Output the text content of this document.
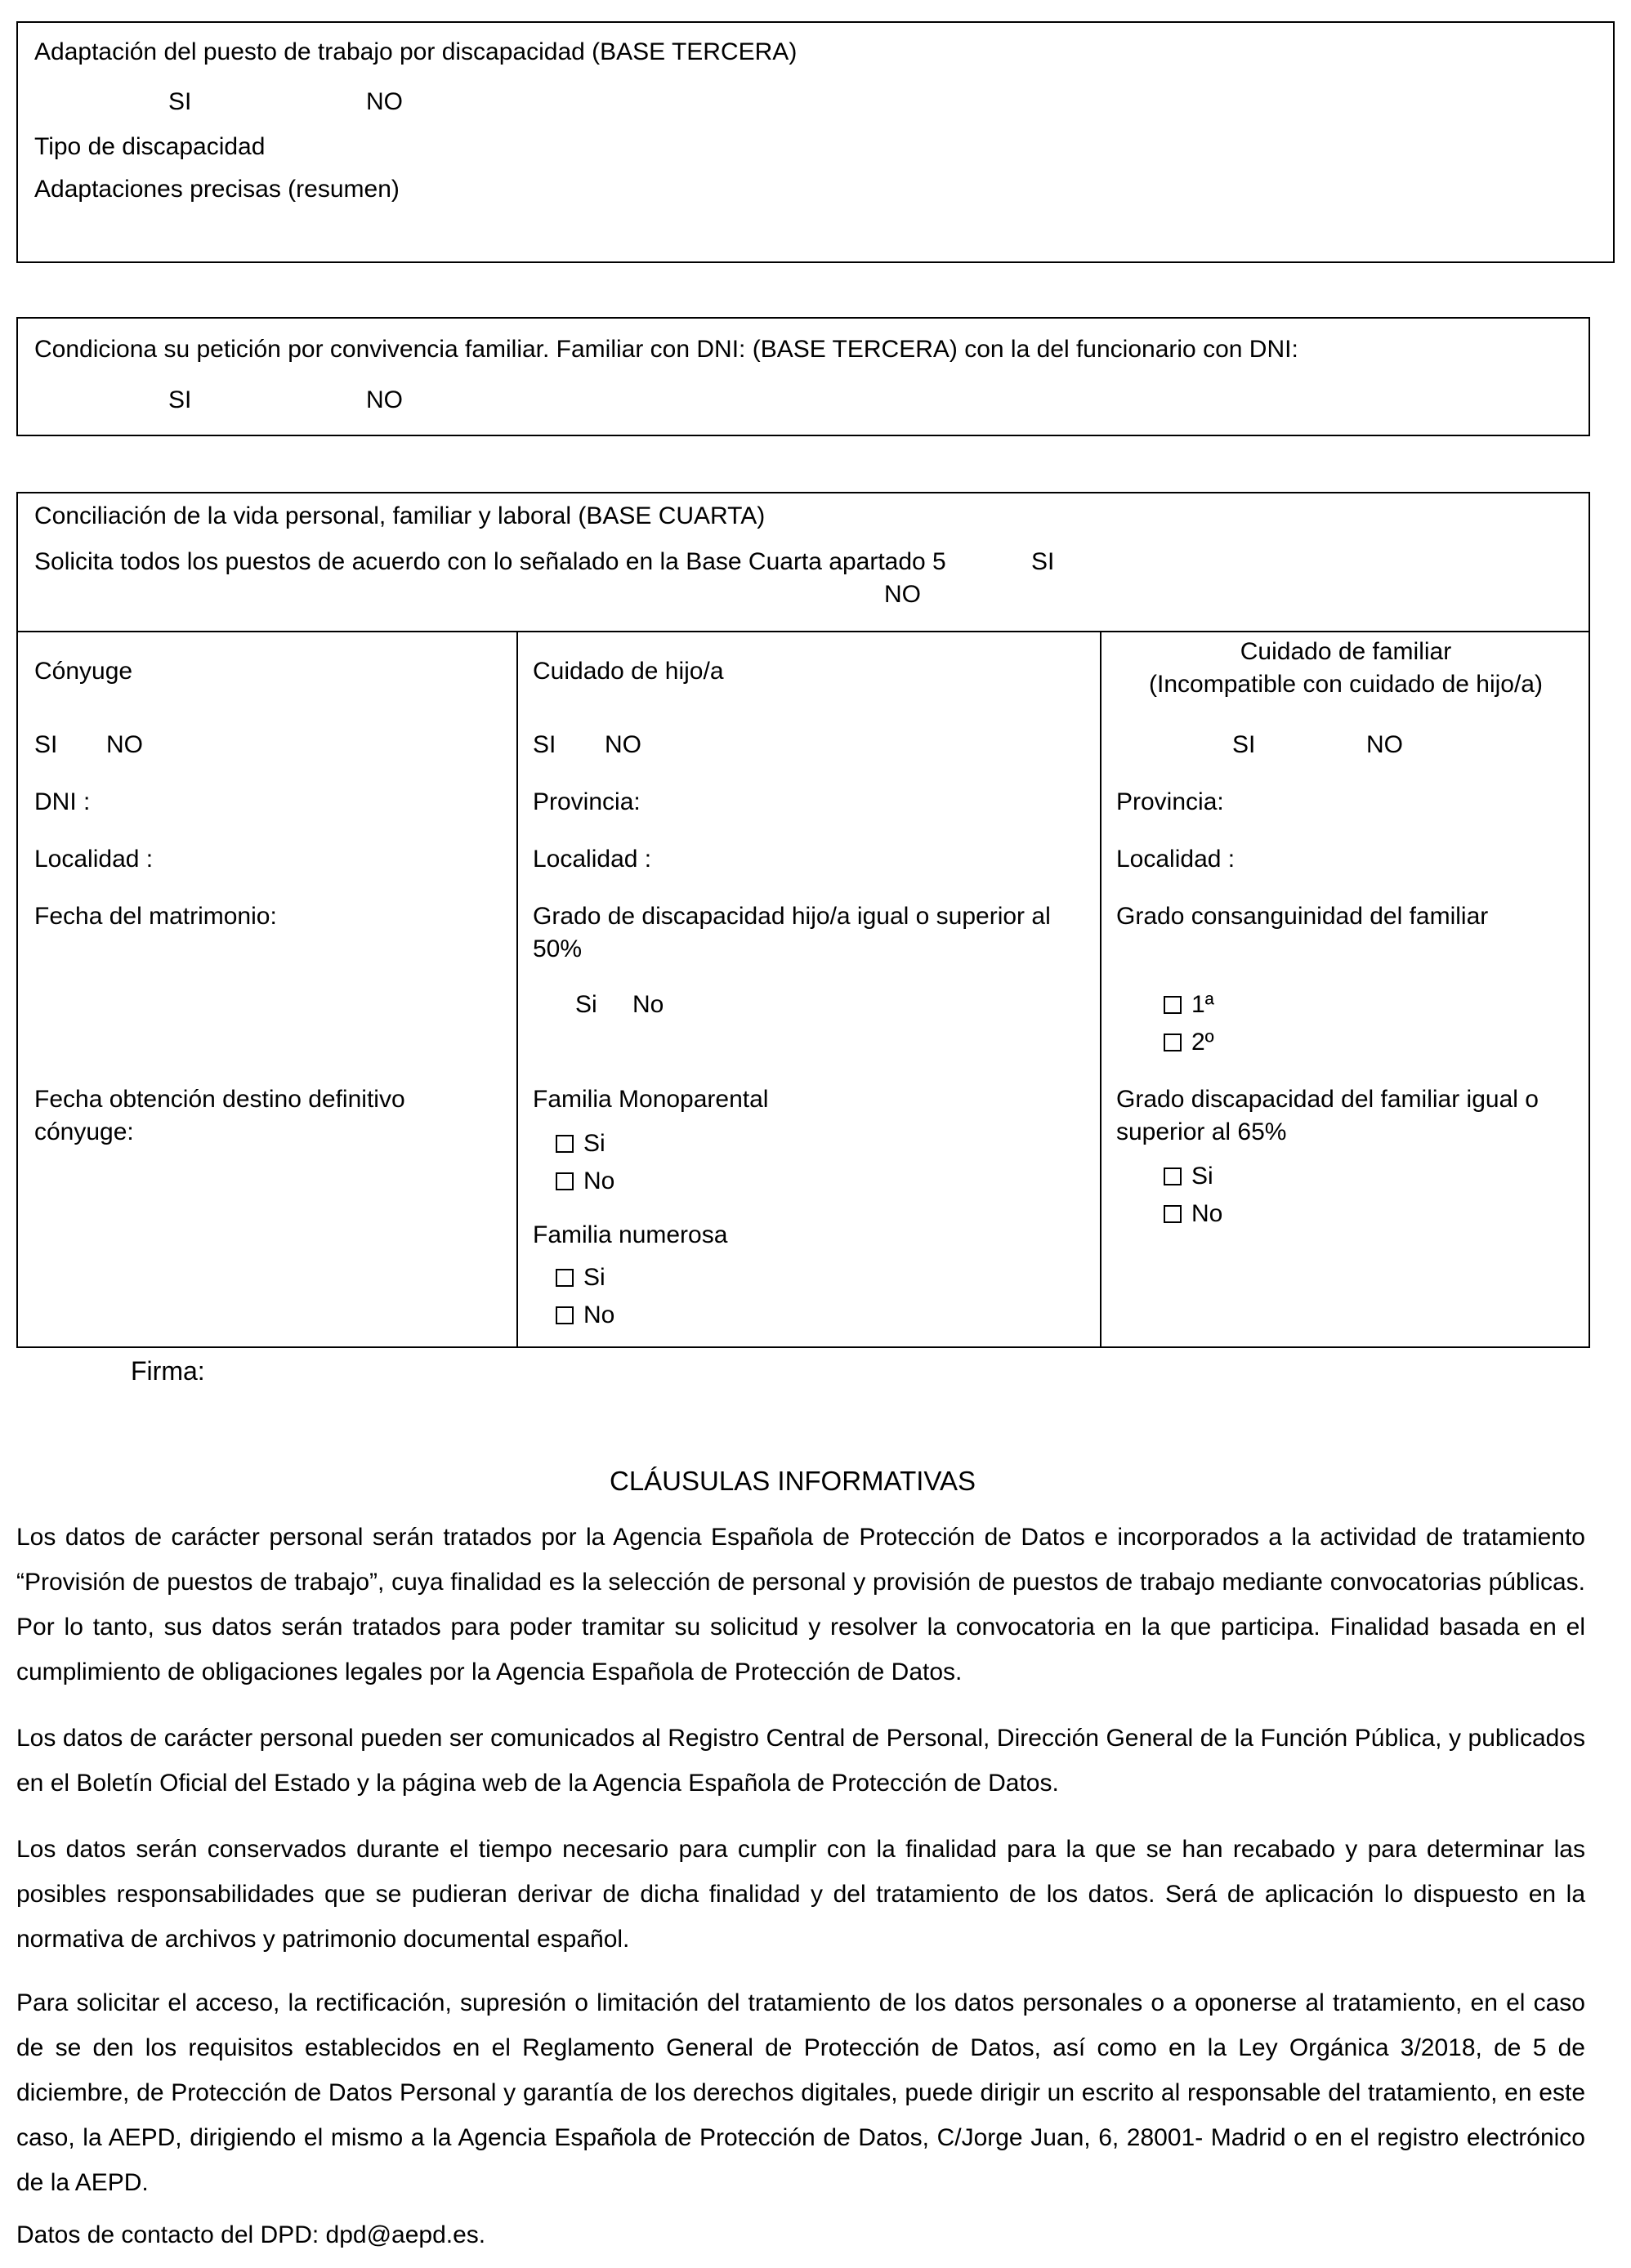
Adaptación del puesto de trabajo por discapacidad (BASE TERCERA)
SI	NO
Tipo de discapacidad
Adaptaciones precisas (resumen)
Condiciona su petición por convivencia familiar. Familiar con DNI: (BASE TERCERA) con la del funcionario con DNI:
SI	NO
Conciliación de la vida personal, familiar y laboral (BASE CUARTA)
Solicita todos los puestos de acuerdo con lo señalado en la Base Cuarta apartado 5	SI
NO
Cónyuge
SI NO
DNI :
Localidad :
Fecha del matrimonio:
Fecha obtención destino definitivo cónyuge:
Cuidado de hijo/a
SI NO
Provincia:
Localidad :
Grado de discapacidad hijo/a igual o superior al 50%
Si No
Familia Monoparental
Si
No
Familia numerosa
Si
No
Cuidado de familiar
(Incompatible con cuidado de hijo/a)
SI	NO
Provincia:
Localidad :
Grado consanguinidad del familiar
1ª
2º
Grado discapacidad del familiar igual o superior al 65%
Si
No
Firma:
CLÁUSULAS INFORMATIVAS

Los datos de carácter personal serán tratados por la Agencia Española de Protección de Datos e incorporados a la actividad de tratamiento “Provisión de puestos de trabajo”, cuya finalidad es la selección de personal y provisión de puestos de trabajo mediante convocatorias públicas. Por lo tanto, sus datos serán tratados para poder tramitar su solicitud y resolver la convocatoria en la que participa. Finalidad basada en el cumplimiento de obligaciones legales por la Agencia Española de Protección de Datos.

Los datos de carácter personal pueden ser comunicados al Registro Central de Personal, Dirección General de la Función Pública, y publicados en el Boletín Oficial del Estado y la página web de la Agencia Española de Protección de Datos.

Los datos serán conservados durante el tiempo necesario para cumplir con la finalidad para la que se han recabado y para determinar las posibles responsabilidades que se pudieran derivar de dicha finalidad y del tratamiento de los datos. Será de aplicación lo dispuesto en la normativa de archivos y patrimonio documental español.

Para solicitar el acceso, la rectificación, supresión o limitación del tratamiento de los datos personales o a oponerse al tratamiento, en el caso de se den los requisitos establecidos en el Reglamento General de Protección de Datos, así como en la Ley Orgánica 3/2018, de 5 de diciembre, de Protección de Datos Personal y garantía de los derechos digitales, puede dirigir un escrito al responsable del tratamiento, en este caso, la AEPD, dirigiendo el mismo a la Agencia Española de Protección de Datos, C/Jorge Juan, 6, 28001- Madrid o en el registro electrónico de la AEPD.

Datos de contacto del DPD: dpd@aepd.es.
